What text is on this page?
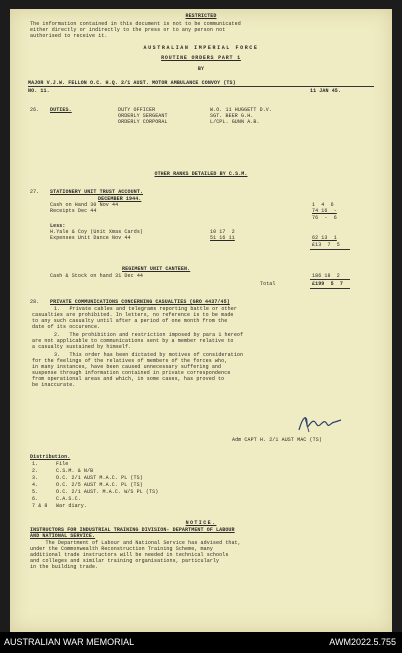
RESTRICTED
The information contained in this document is not to be communicated
either directly or indirectly to the press or to any person not
authorised to receive it.
AUSTRALIAN IMPERIAL FORCE
ROUTINE ORDERS PART 1
BY
MAJOR V.J.W. FELLON O.C. H.Q. 2/1 AUST. MOTOR AMBULANCE CONVOY (TS)
NO. 11.	11 JAN 45.
26. DUTIES.	DUTY OFFICER	W.O. 11 HUGGETT D.V.
ORDERLY SERGEANT	SGT. BEER G.H.
ORDERLY CORPORAL	L/CPL. GUNN A.B.
OTHER RANKS DETAILED BY C.S.M.
27. STATIONERY UNIT TRUST ACCOUNT.
DECEMBER 1944.
Cash on Hand 30 Nov 44	1  4  6
Receipts Dec 44	74 16  -
76  -  6
Less:
H.Yale & Coy (Unit Xmas Cards)	10 17  2
Expenses Unit Dance Nov 44	51 16 11	62 13  1
£13  7  5
REGIMENT UNIT CANTEEN.
Cash & Stock on hand 31 Dec 44	186 18  2
Total	£199  5  7
28. PRIVATE COMMUNICATIONS CONCERNING CASUALTIES (GRO 4437/45)
1.   Private cables and telegrams reporting battle or other
casualties are prohibited. In letters, no reference is to be made
to any such casualty until after a period of one month from the
date of its occurence.
2.   The prohibition and restriction imposed by para 1 hereof
are not applicable to communications sent by a member relative to
a casualty sustained by himself.
3.   This order has been dictated by motives of consideration
for the feelings of the relatives of members of the forces who,
in many instances, have been caused unnecessary suffering and
suspense through information contained in private correspondence
from operational areas and which, in some cases, has proved to
be inaccurate.
Adm CAPT H. 2/1 AUST MAC (TS)
Distribution.
1.	File
2.	C.S.M. & N/B
3.	O.C. 2/1 AUST M.A.C. PL (TS)
4.	O.C. 2/5 AUST M.A.C. PL (TS)
5.	O.C. 2/1 AUST. M.A.C. W/S PL (TS)
6.	C.A.S.C.
7 & 8 War diary.
NOTICE.
INSTRUCTORS FOR INDUSTRIAL TRAINING DIVISION- DEPARTMENT OF LABOUR
AND NATIONAL SERVICE.
The Department of Labour and National Service has advised that,
under the Commonwealth Reconstruction Training Scheme, many
additional trade instructors will be needed in technical schools
and colleges and similar training organisations, particularly
in the building trade.
AUSTRALIAN WAR MEMORIAL	AWM2022.5.755
